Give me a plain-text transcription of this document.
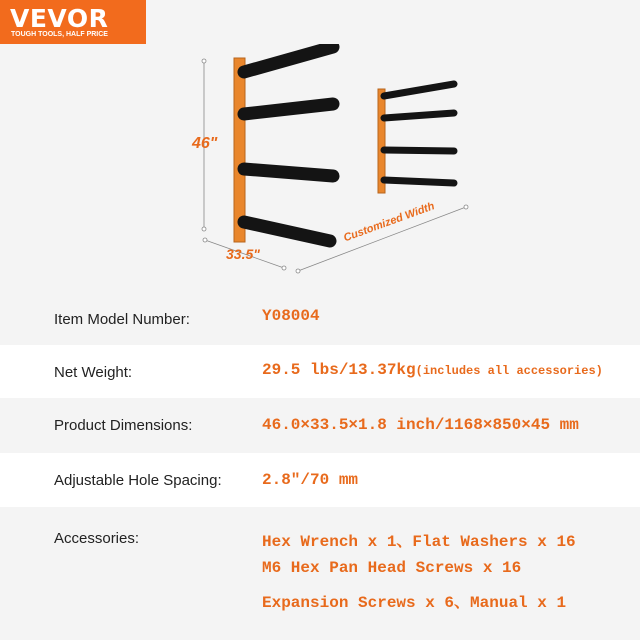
VEVOR
TOUGH TOOLS, HALF PRICE
46"
33.5"
Customized Width
Item Model Number:	Y08004
Net Weight:	29.5 lbs/13.37kg(includes all accessories)
Product Dimensions:	46.0×33.5×1.8 inch/1168×850×45 mm
Adjustable Hole Spacing:	2.8"/70 mm
Accessories:	Hex Wrench x 1、Flat Washers x 16
M6 Hex Pan Head Screws x 16
Expansion Screws x 6、Manual x 1
